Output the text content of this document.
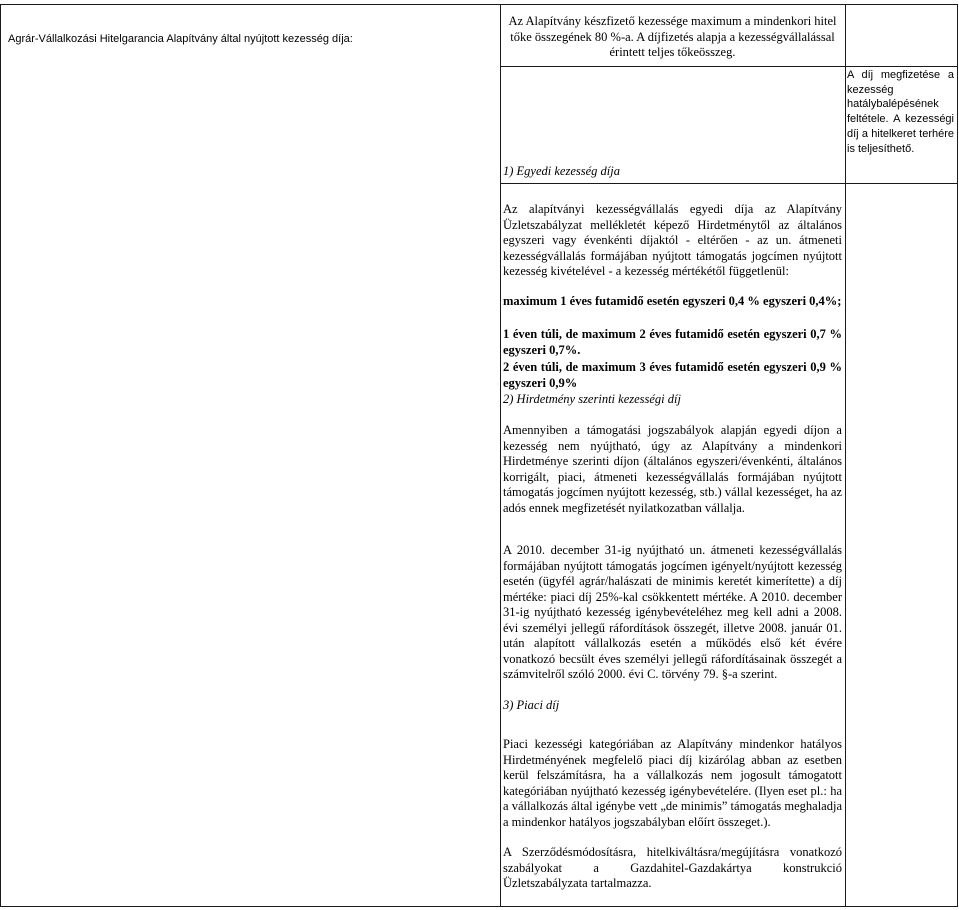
Agrár-Vállalkozási Hitelgarancia Alapítvány által nyújtott kezesség díja:

Az Alapítvány készfizető kezessége maximum a mindenkori hitel tőke összegének 80 %-a. A díjfizetés alapja a kezességvállalással érintett teljes tőkeösszeg.

1) Egyedi kezesség díja

Az alapítványi kezességvállalás egyedi díja az Alapítvány Üzletszabályzat mellékletét képező Hirdetménytől az általános egyszeri vagy évenkénti díjaktól - eltérően - az un. átmeneti kezességvállalás formájában nyújtott támogatás jogcímen nyújtott kezesség kivételével - a kezesség mértékétől függetlenül:

maximum 1 éves futamidő esetén egyszeri 0,4 % egyszeri 0,4%;

1 éven túli, de maximum 2 éves futamidő esetén egyszeri 0,7 % egyszeri 0,7%.

2 éven túli, de maximum 3 éves futamidő esetén egyszeri 0,9 % egyszeri 0,9%

2) Hirdetmény szerinti kezességi díj

Amennyiben a támogatási jogszabályok alapján egyedi díjon a kezesség nem nyújtható, úgy az Alapítvány a mindenkori Hirdetménye szerinti díjon (általános egyszeri/évenkénti, általános korrigált, piaci, átmeneti kezességvállalás formájában nyújtott támogatás jogcímen nyújtott kezesség, stb.) vállal kezességet, ha az adós ennek megfizetését nyilatkozatban vállalja.

A 2010. december 31-ig nyújtható un. átmeneti kezességvállalás formájában nyújtott támogatás jogcímen igényelt/nyújtott kezesség esetén (ügyfél agrár/halászati de minimis keretét kimerítette) a díj mértéke: piaci díj 25%-kal csökkentett mértéke. A 2010. december 31-ig nyújtható kezesség igénybevételéhez meg kell adni a 2008. évi személyi jellegű ráfordítások összegét, illetve 2008. január 01. után alapított vállalkozás esetén a működés első két évére vonatkozó becsült éves személyi jellegű ráfordításainak összegét a számvitelről szóló 2000. évi C. törvény 79. §-a szerint.

3) Piaci díj

Piaci kezességi kategóriában az Alapítvány mindenkor hatályos Hirdetményének megfelelő piaci díj kizárólag abban az esetben kerül felszámításra, ha a vállalkozás nem jogosult támogatott kategóriában nyújtható kezesség igénybevételére. (Ilyen eset pl.: ha a vállalkozás által igénybe vett „de minimis” támogatás meghaladja a mindenkor hatályos jogszabályban előírt összeget.).

A Szerződésmódosításra, hitelkiváltásra/megújításra vonatkozó szabályokat a Gazdahitel-Gazdakártya konstrukció Üzletszabályzata tartalmazza.

A díj megfizetése a kezesség hatálybalépésének feltétele. A kezességi díj a hitelkeret terhére is teljesíthető.
